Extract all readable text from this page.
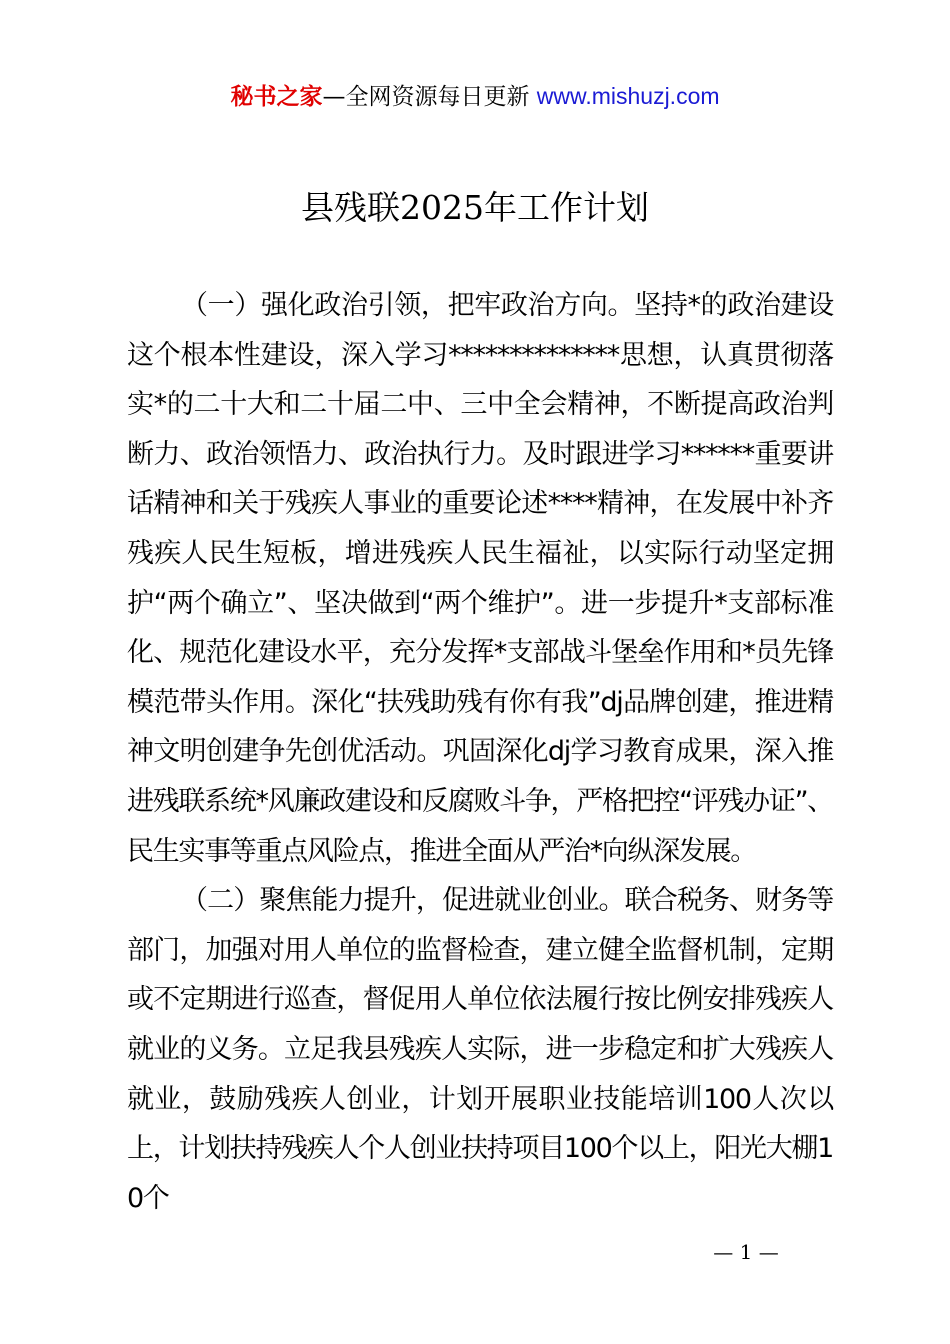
秘书之家—全网资源每日更新 www.mishuzj.com
县残联2025年工作计划

（一）强化政治引领，把牢政治方向。坚持*的政治建设这个根本性建设，深入学习**************思想，认真贯彻落实*的二十大和二十届二中、三中全会精神，不断提高政治判断力、政治领悟力、政治执行力。及时跟进学习******重要讲话精神和关于残疾人事业的重要论述****精神，在发展中补齐残疾人民生短板，增进残疾人民生福祉，以实际行动坚定拥护“两个确立”、坚决做到“两个维护”。进一步提升*支部标准化、规范化建设水平，充分发挥*支部战斗堡垒作用和*员先锋模范带头作用。深化“扶残助残有你有我”dj品牌创建，推进精神文明创建争先创优活动。巩固深化dj学习教育成果，深入推进残联系统*风廉政建设和反腐败斗争，严格把控“评残办证”、民生实事等重点风险点，推进全面从严治*向纵深发展。

（二）聚焦能力提升，促进就业创业。联合税务、财务等部门，加强对用人单位的监督检查，建立健全监督机制，定期或不定期进行巡查，督促用人单位依法履行按比例安排残疾人就业的义务。立足我县残疾人实际，进一步稳定和扩大残疾人就业，鼓励残疾人创业，计划开展职业技能培训100人次以上，计划扶持残疾人个人创业扶持项目100个以上，阳光大棚10个

— 1 —
